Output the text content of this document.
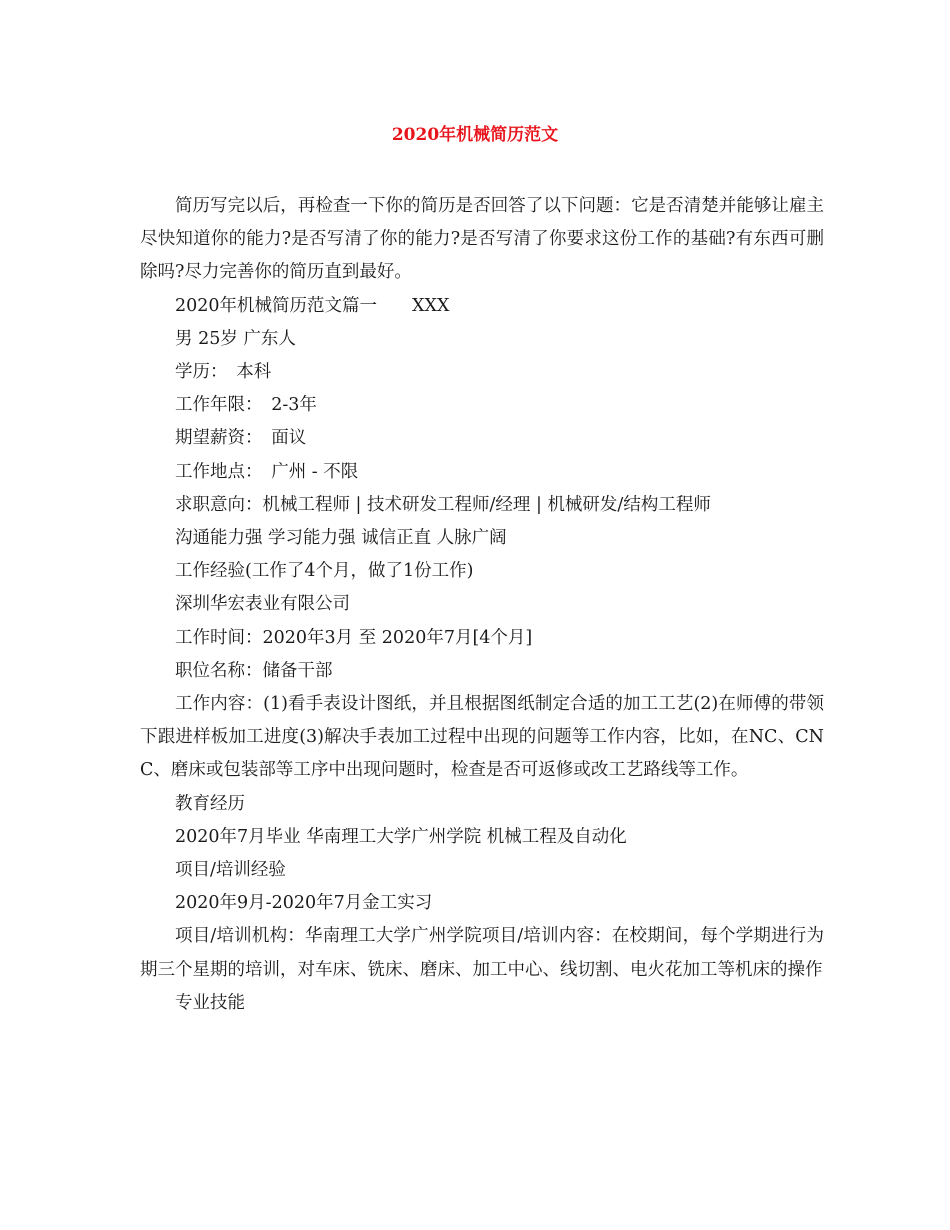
2020年机械简历范文

简历写完以后，再检查一下你的简历是否回答了以下问题：它是否清楚并能够让雇主尽快知道你的能力?是否写清了你的能力?是否写清了你要求这份工作的基础?有东西可删除吗?尽力完善你的简历直到最好。

2020年机械简历范文篇一　　XXX

男 25岁 广东人

学历：　本科

工作年限：　2-3年

期望薪资：　面议

工作地点：　广州 - 不限

求职意向：机械工程师 | 技术研发工程师/经理 | 机械研发/结构工程师

沟通能力强 学习能力强 诚信正直 人脉广阔

工作经验(工作了4个月，做了1份工作)

深圳华宏表业有限公司

工作时间：2020年3月 至 2020年7月[4个月]

职位名称：储备干部

工作内容：(1)看手表设计图纸，并且根据图纸制定合适的加工工艺(2)在师傅的带领下跟进样板加工进度(3)解决手表加工过程中出现的问题等工作内容，比如，在NC、CNC、磨床或包装部等工序中出现问题时，检查是否可返修或改工艺路线等工作。

教育经历

2020年7月毕业 华南理工大学广州学院 机械工程及自动化

项目/培训经验

2020年9月-2020年7月金工实习

项目/培训机构：华南理工大学广州学院项目/培训内容：在校期间，每个学期进行为期三个星期的培训，对车床、铣床、磨床、加工中心、线切割、电火花加工等机床的操作

专业技能
